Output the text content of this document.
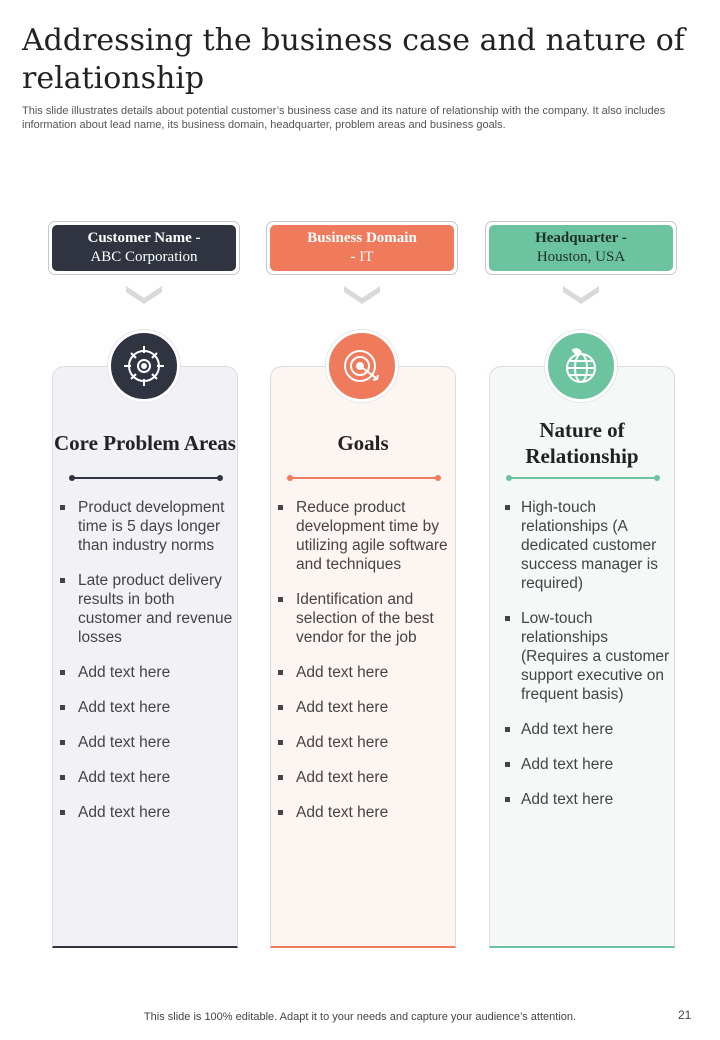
Addressing the business case and nature of relationship

This slide illustrates details about potential customer’s business case and its nature of relationship with the company. It also includes information about lead name, its business domain, headquarter, problem areas and business goals.

Customer Name -
ABC Corporation
Core Problem Areas
Product development time is 5 days longer than industry norms
Late product delivery results in both customer and revenue losses
Add text here
Add text here
Add text here
Add text here
Add text here
Business Domain
- IT
Goals
Reduce product development time by utilizing agile software and techniques
Identification and selection of the best vendor for the job
Add text here
Add text here
Add text here
Add text here
Add text here
Headquarter -
Houston, USA
Nature of Relationship
High-touch relationships (A dedicated customer success manager is required)
Low-touch relationships (Requires a customer support executive on frequent basis)
Add text here
Add text here
Add text here

This slide is 100% editable. Adapt it to your needs and capture your audience’s attention.	21
